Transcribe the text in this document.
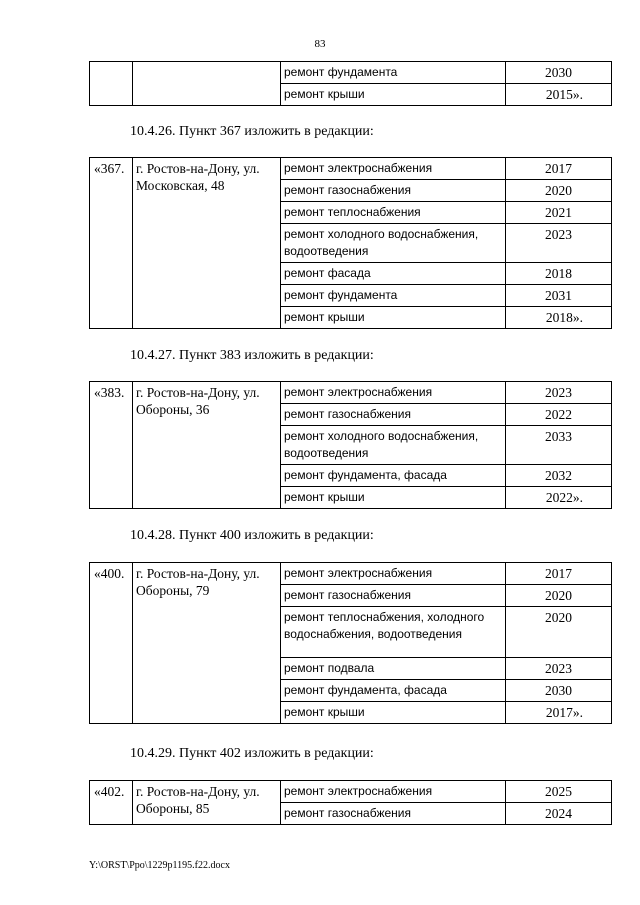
83
		ремонт фундамента	2030
		ремонт крыши	2015».
10.4.26. Пункт 367 изложить в редакции:
«367.	г. Ростов-на-Дону, ул. Московская, 48	ремонт электроснабжения	2017
		ремонт газоснабжения	2020
		ремонт теплоснабжения	2021
		ремонт холодного водоснабжения, водоотведения	2023
		ремонт фасада	2018
		ремонт фундамента	2031
		ремонт крыши	2018».
10.4.27. Пункт 383 изложить в редакции:
«383.	г. Ростов-на-Дону, ул. Обороны, 36	ремонт электроснабжения	2023
		ремонт газоснабжения	2022
		ремонт холодного водоснабжения, водоотведения	2033
		ремонт фундамента, фасада	2032
		ремонт крыши	2022».
10.4.28. Пункт 400 изложить в редакции:
«400.	г. Ростов-на-Дону, ул. Обороны, 79	ремонт электроснабжения	2017
		ремонт газоснабжения	2020
		ремонт теплоснабжения, холодного водоснабжения, водоотведения	2020
		ремонт подвала	2023
		ремонт фундамента, фасада	2030
		ремонт крыши	2017».
10.4.29. Пункт 402 изложить в редакции:
«402.	г. Ростов-на-Дону, ул. Обороны, 85	ремонт электроснабжения	2025
		ремонт газоснабжения	2024
Y:\ORST\Ppo\1229p1195.f22.docx
